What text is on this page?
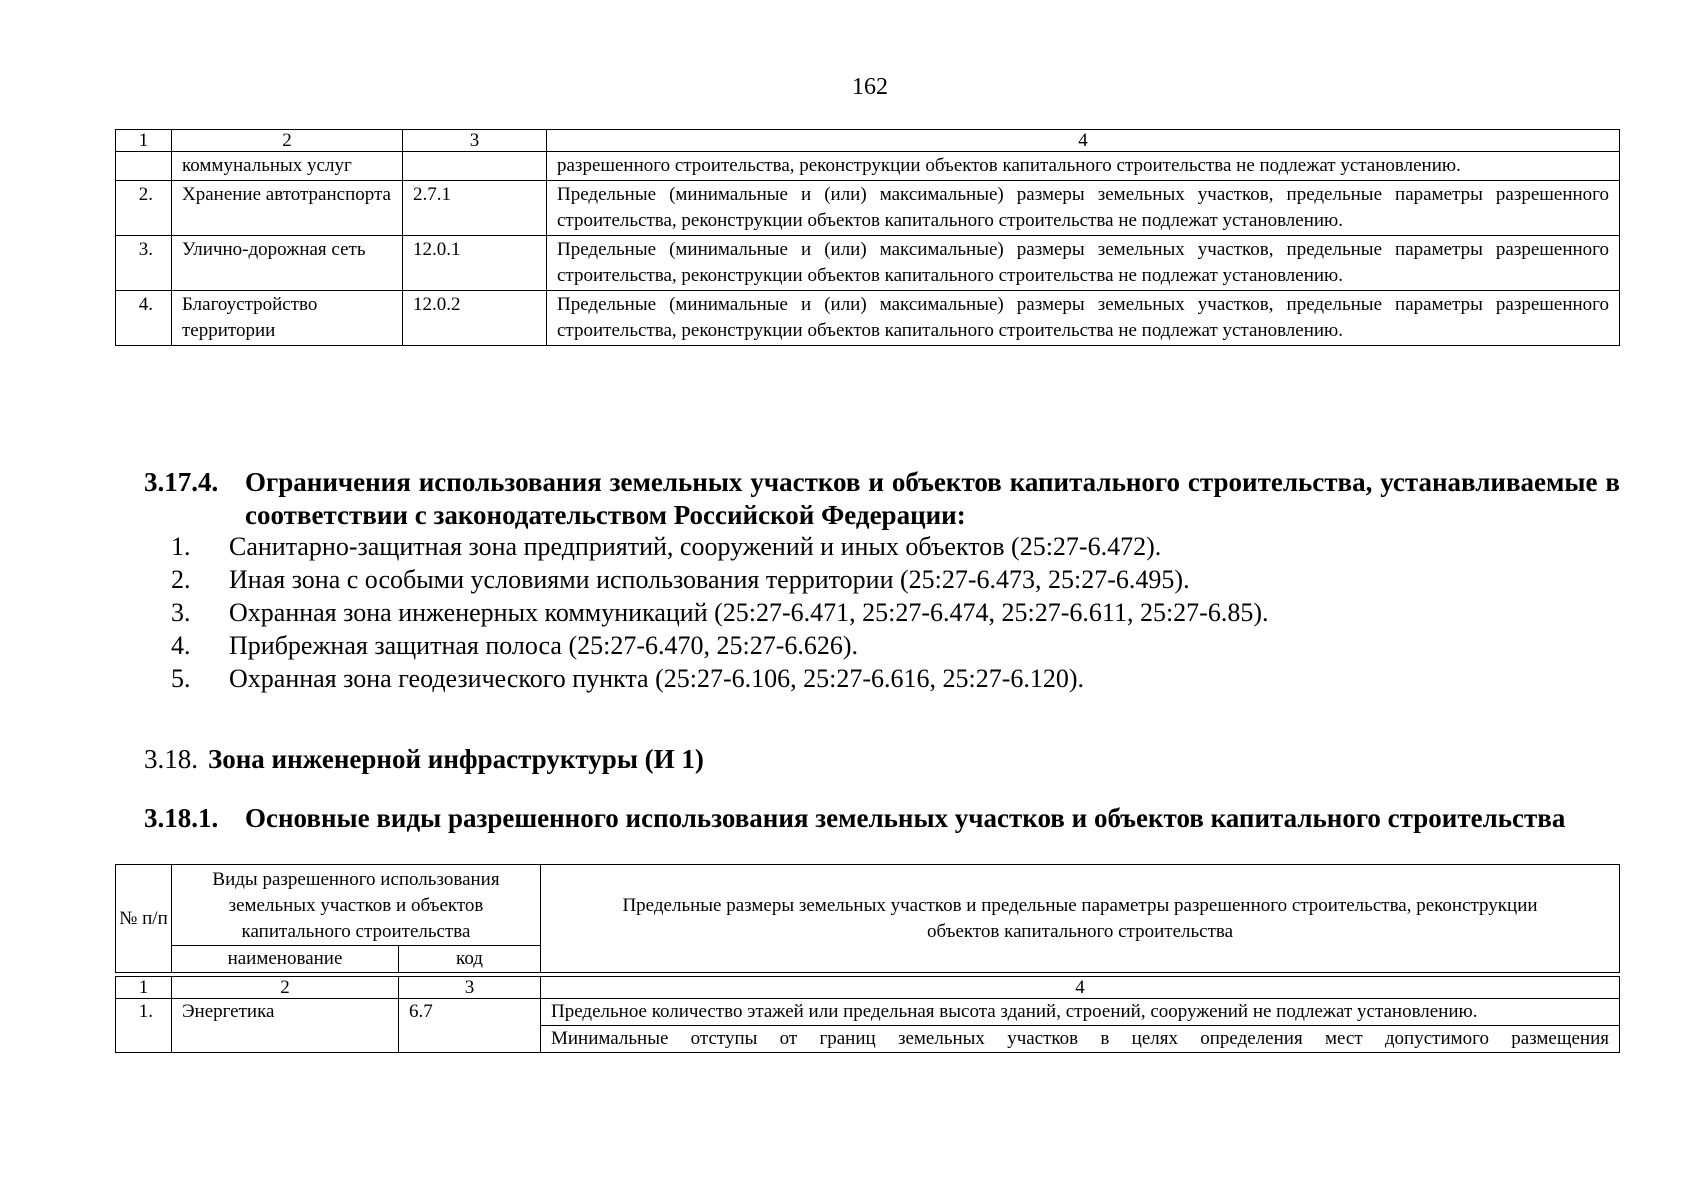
162
1	2	3	4
	коммунальных услуг		разрешенного строительства, реконструкции объектов капитального строительства не подлежат установлению.
2.	Хранение автотранспорта	2.7.1	Предельные (минимальные и (или) максимальные) размеры земельных участков, предельные параметры разрешенного строительства, реконструкции объектов капитального строительства не подлежат установлению.
3.	Улично-дорожная сеть	12.0.1	Предельные (минимальные и (или) максимальные) размеры земельных участков, предельные параметры разрешенного строительства, реконструкции объектов капитального строительства не подлежат установлению.
4.	Благоустройство территории	12.0.2	Предельные (минимальные и (или) максимальные) размеры земельных участков, предельные параметры разрешенного строительства, реконструкции объектов капитального строительства не подлежат установлению.
3.17.4. Ограничения использования земельных участков и объектов капитального строительства, устанавливаемые в соответствии с законодательством Российской Федерации:
1. Санитарно-защитная зона предприятий, сооружений и иных объектов (25:27-6.472).
2. Иная зона с особыми условиями использования территории (25:27-6.473, 25:27-6.495).
3. Охранная зона инженерных коммуникаций (25:27-6.471, 25:27-6.474, 25:27-6.611, 25:27-6.85).
4. Прибрежная защитная полоса (25:27-6.470, 25:27-6.626).
5. Охранная зона геодезического пункта (25:27-6.106, 25:27-6.616, 25:27-6.120).
3.18. Зона инженерной инфраструктуры (И 1)
3.18.1. Основные виды разрешенного использования земельных участков и объектов капитального строительства
№ п/п	Виды разрешенного использования земельных участков и объектов капитального строительства		Предельные размеры земельных участков и предельные параметры разрешенного строительства, реконструкции объектов капитального строительства
	наименование	код	

1	2	3	4
1.	Энергетика	6.7	Предельное количество этажей или предельная высота зданий, строений, сооружений не подлежат установлению.
			Минимальные отступы от границ земельных участков в целях определения мест допустимого размещения
